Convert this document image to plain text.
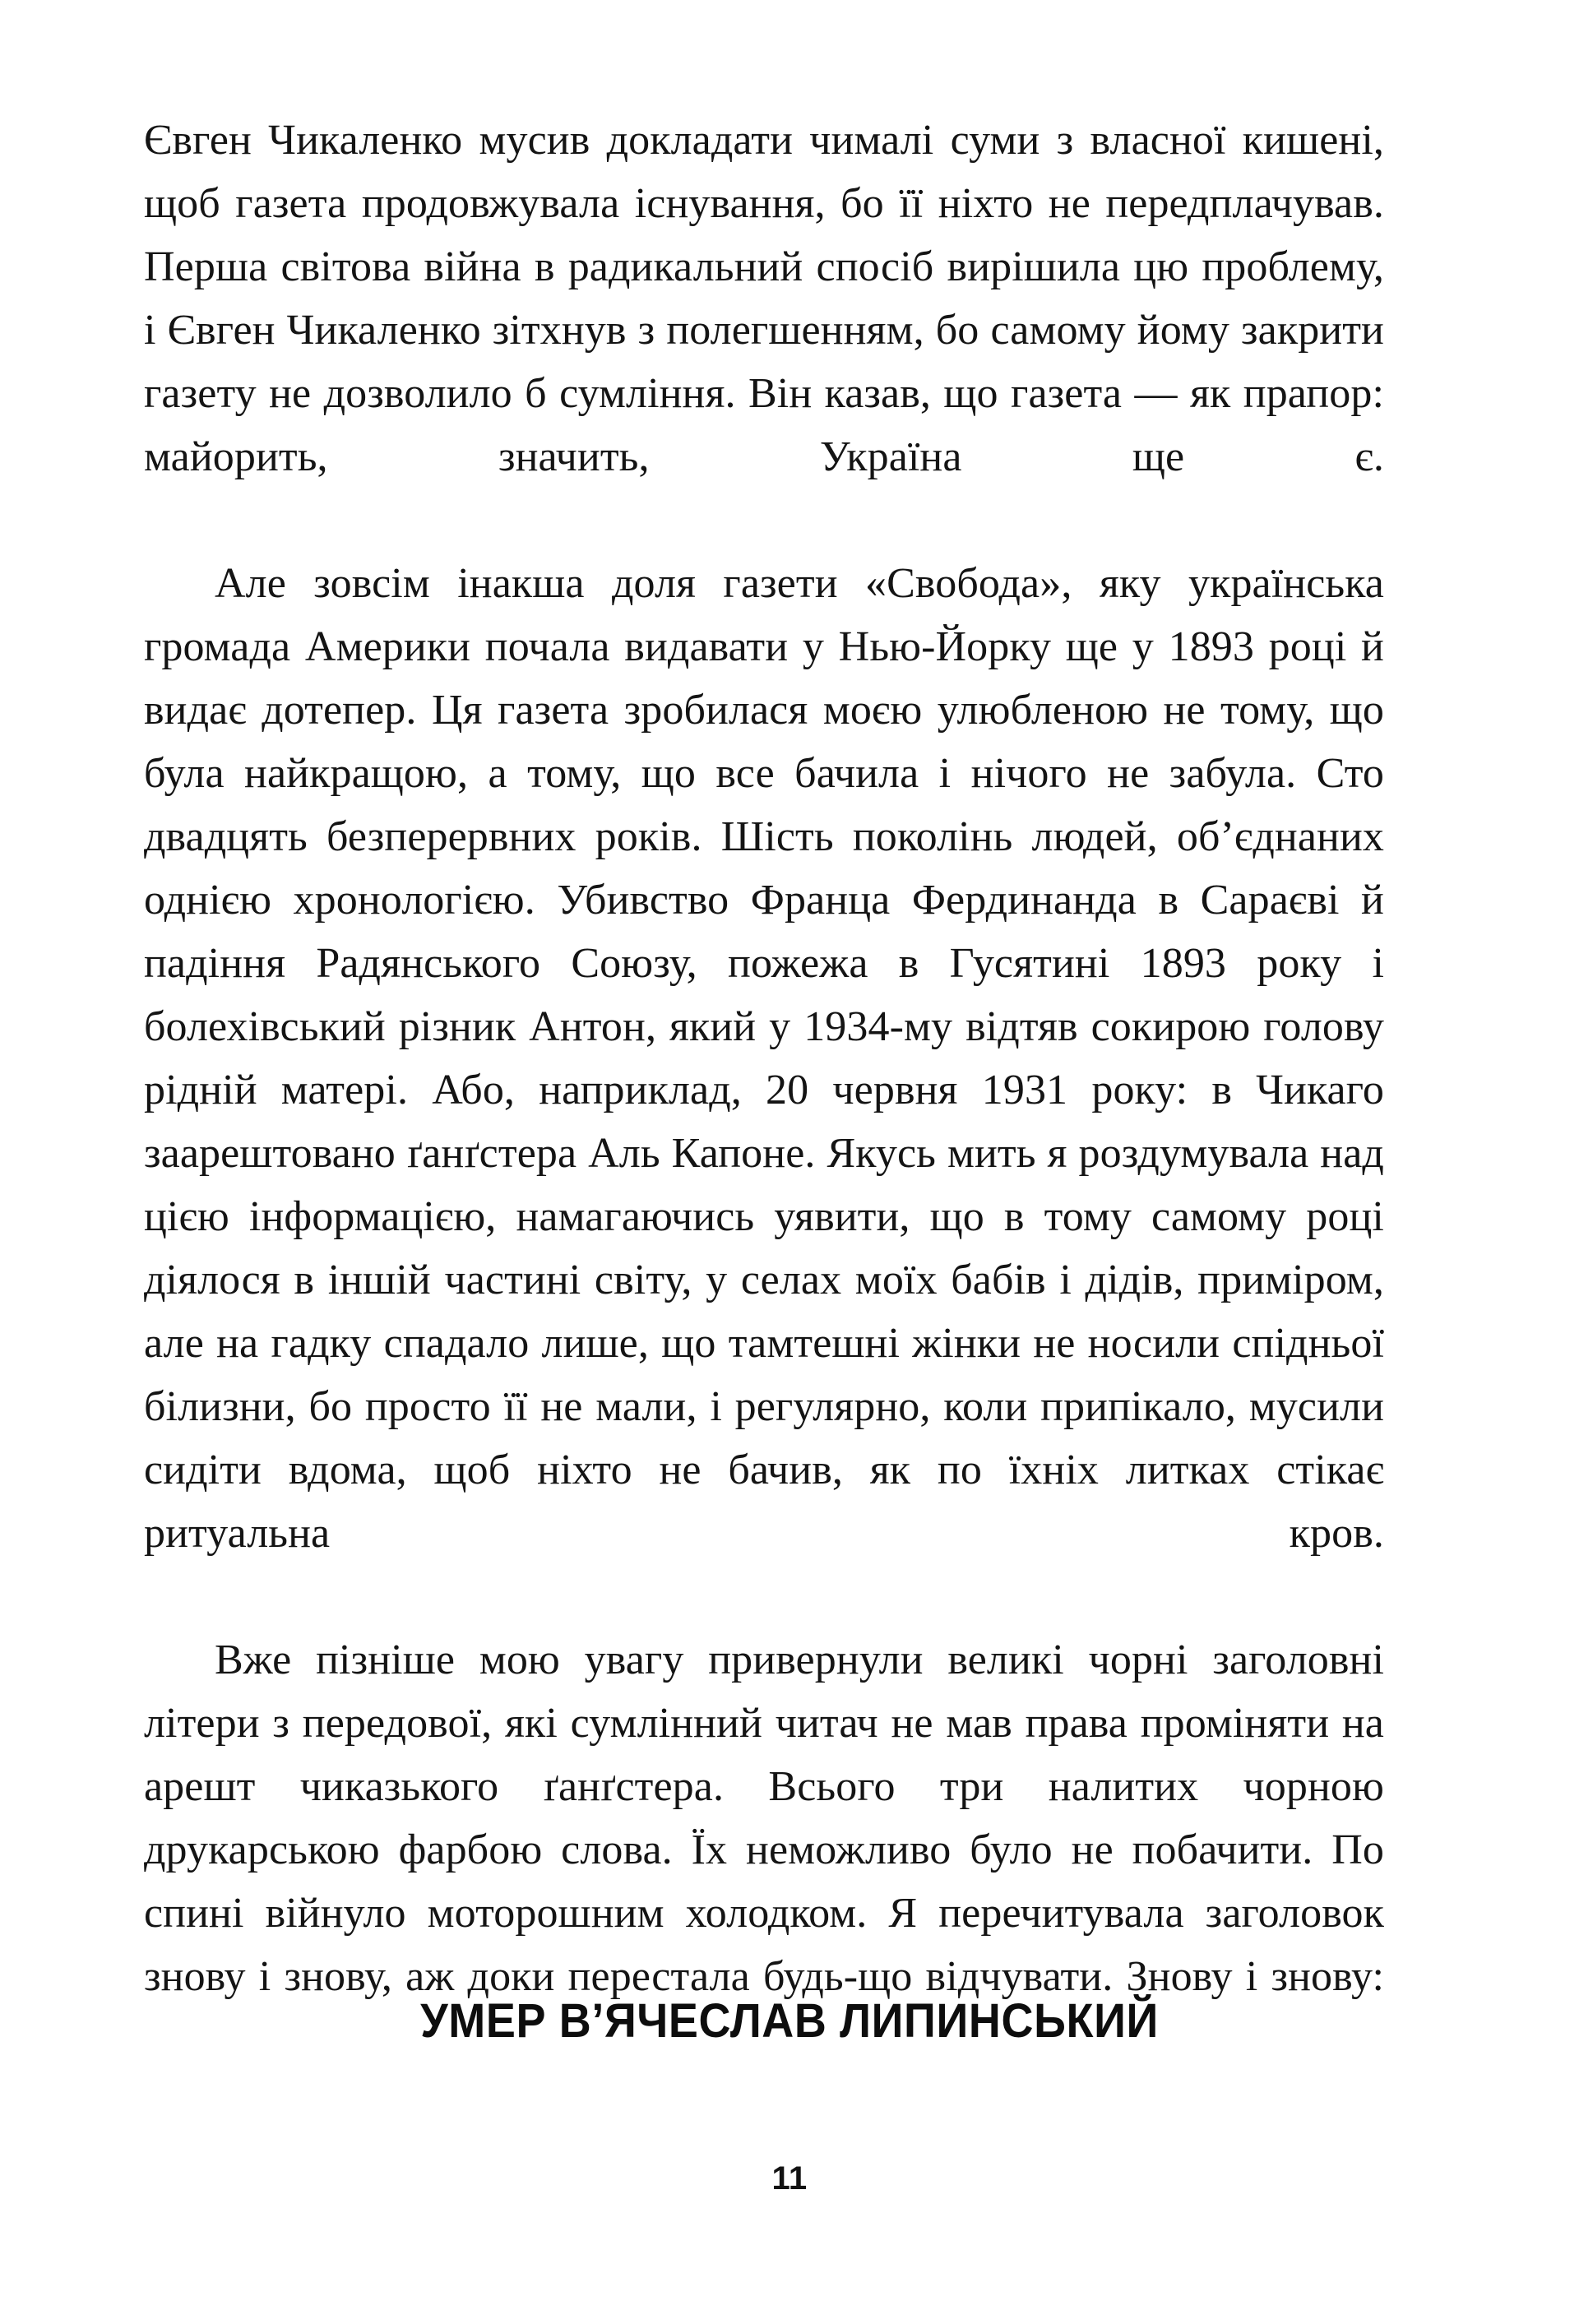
Євген Чикаленко мусив докладати чималі суми з власної кишені, щоб газета продовжувала існування, бо її ніхто не передплачував. Перша світова війна в радикальний спосіб вирішила цю проблему, і Євген Чикаленко зітхнув з полегшенням, бо самому йому закрити газету не дозволило б сумління. Він казав, що газета — як прапор: майорить, значить, Україна ще є.

Але зовсім інакша доля газети «Свобода», яку українська громада Америки почала видавати у Нью-Йорку ще у 1893 році й видає дотепер. Ця газета зробилася моєю улюбленою не тому, що була найкращою, а тому, що все бачила і нічого не забула. Сто двадцять безперервних років. Шість поколінь людей, об’єднаних однією хронологією. Убивство Франца Фердинанда в Сараєві й падіння Радянського Союзу, пожежа в Гусятині 1893 року і болехівський різник Антон, який у 1934-му відтяв сокирою голову рідній матері. Або, наприклад, 20 червня 1931 року: в Чикаго заарештовано ґанґстера Аль Капоне. Якусь мить я роздумувала над цією інформацією, намагаючись уявити, що в тому самому році діялося в іншій частині світу, у селах моїх бабів і дідів, приміром, але на гадку спадало лише, що тамтешні жінки не носили спідньої білизни, бо просто її не мали, і регулярно, коли припікало, мусили сидіти вдома, щоб ніхто не бачив, як по їхніх литках стікає ритуальна кров.

Вже пізніше мою увагу привернули великі чорні заголовні літери з передової, які сумлінний читач не мав права проміняти на арешт чиказького ґанґстера. Всього три налитих чорною друкарською фарбою слова. Їх неможливо було не побачити. По спині війнуло моторошним холодком. Я перечитувала заголовок знову і знову, аж доки перестала будь-що відчувати. Знову і знову:

УМЕР В’ЯЧЕСЛАВ ЛИПИНСЬКИЙ
11
